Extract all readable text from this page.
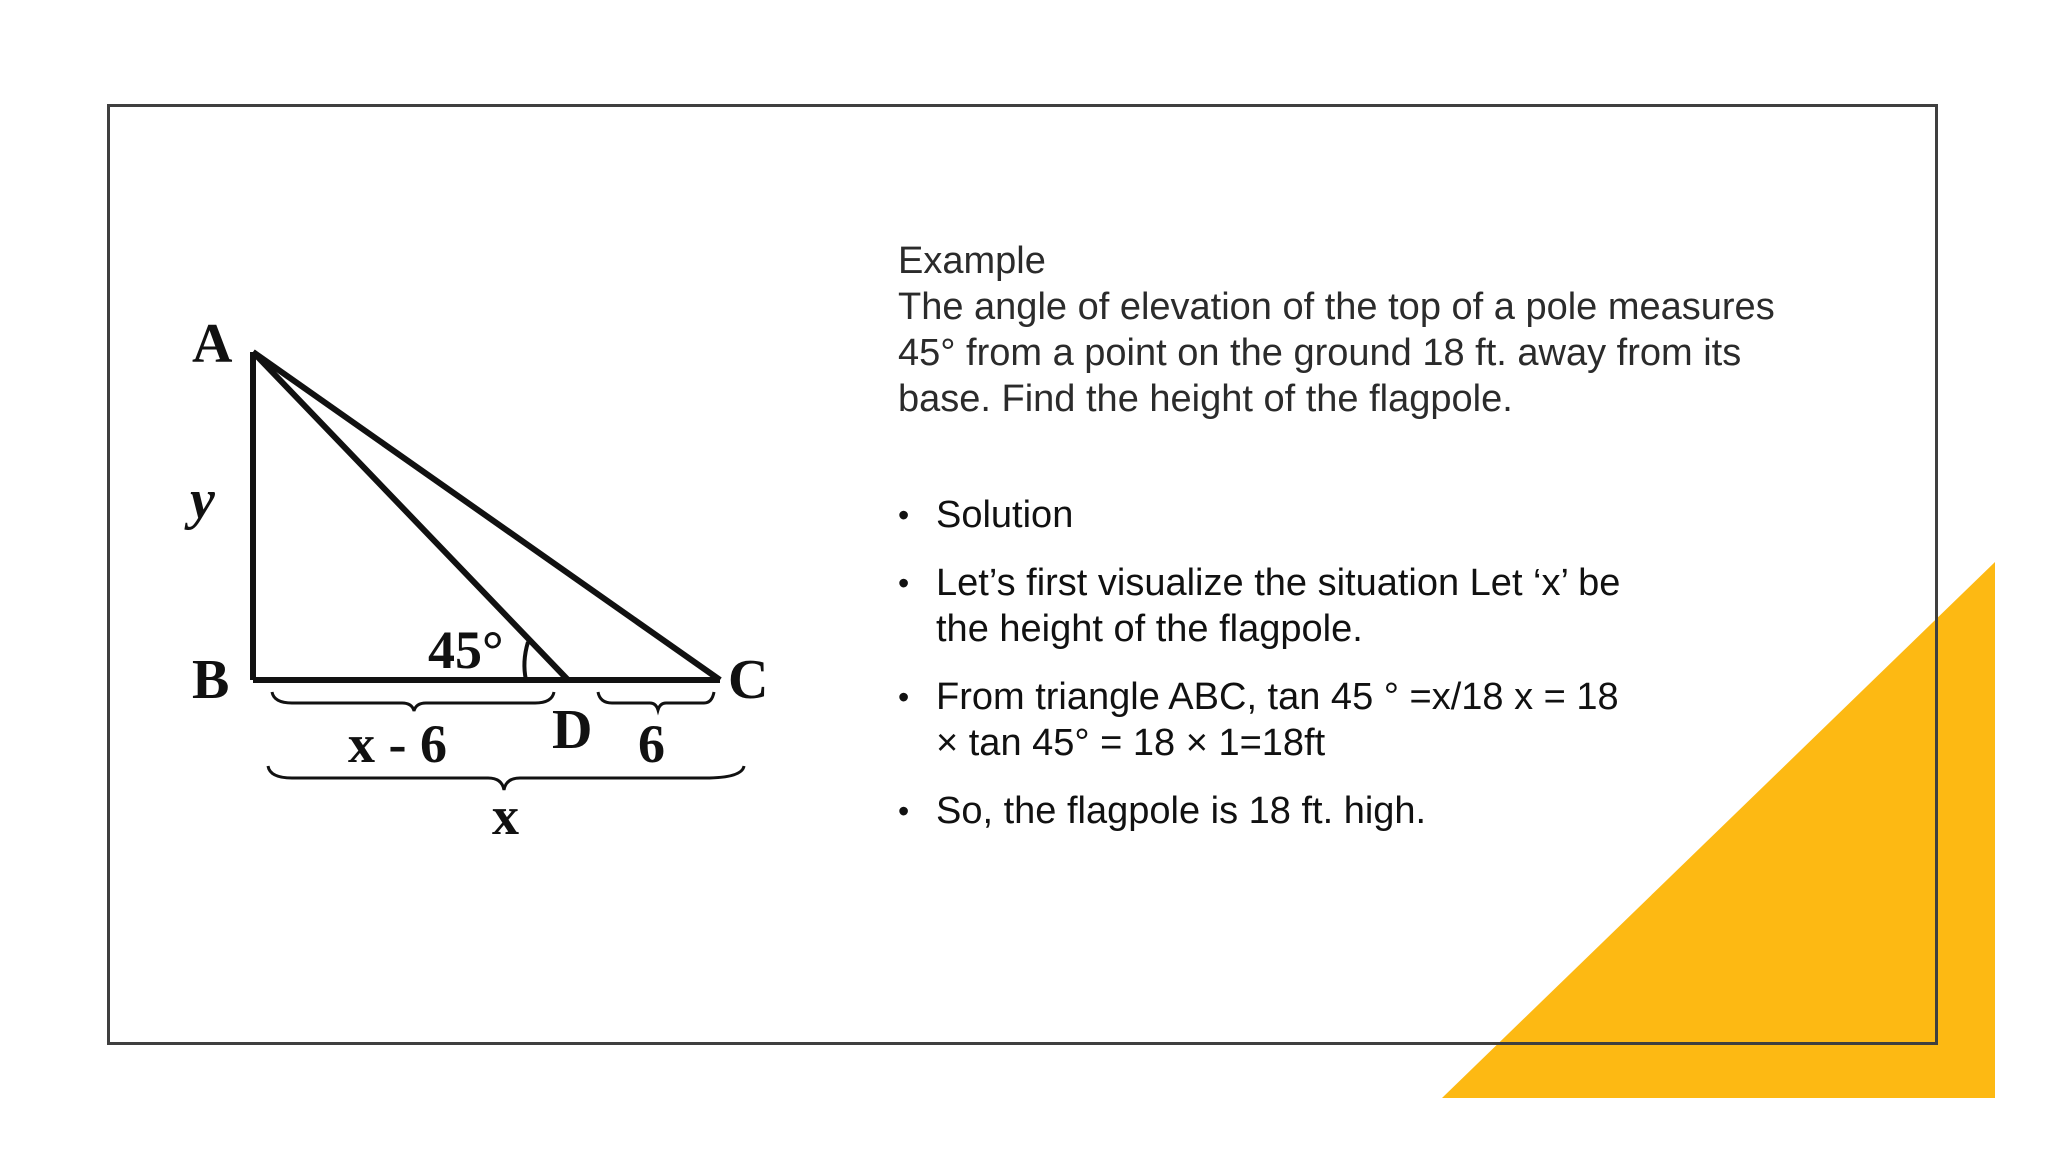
A
B	C
D
y
45°
x - 6	6
x

Example

The angle of elevation of the top of a pole measures

45° from a point on the ground 18 ft. away from its

base. Find the height of the flagpole.

• Solution
• Let’s first visualize the situation Let ‘x’ be the height of the flagpole.
• From triangle ABC, tan 45 ° =x/18 x = 18 × tan 45° = 18 × 1=18ft
• So, the flagpole is 18 ft. high.
